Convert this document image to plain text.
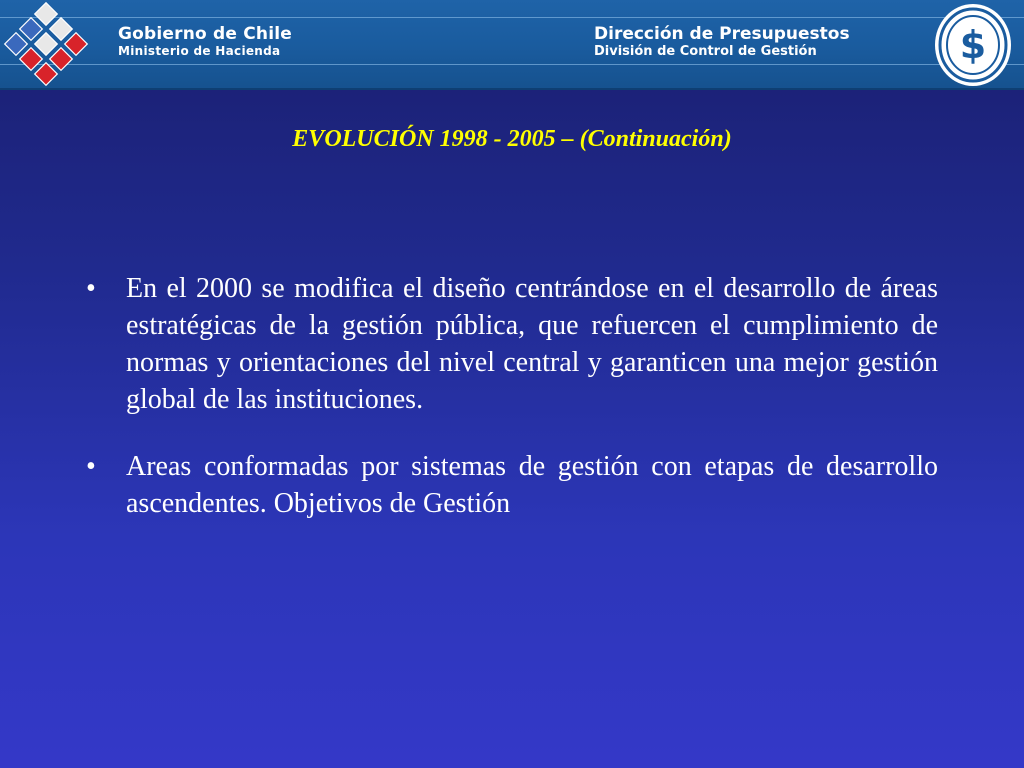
Gobierno de Chile
Ministerio de Hacienda
Dirección de Presupuestos
División de Control de Gestión	$
EVOLUCIÓN 1998 - 2005 – (Continuación)
•	En el 2000 se modifica el diseño centrándose en el desarrollo de áreas estratégicas de la gestión pública, que refuercen el cumplimiento de normas y orientaciones del nivel central y garanticen una mejor gestión global de las instituciones.
•	Areas conformadas por sistemas de gestión con etapas de desarrollo ascendentes. Objetivos de Gestión
